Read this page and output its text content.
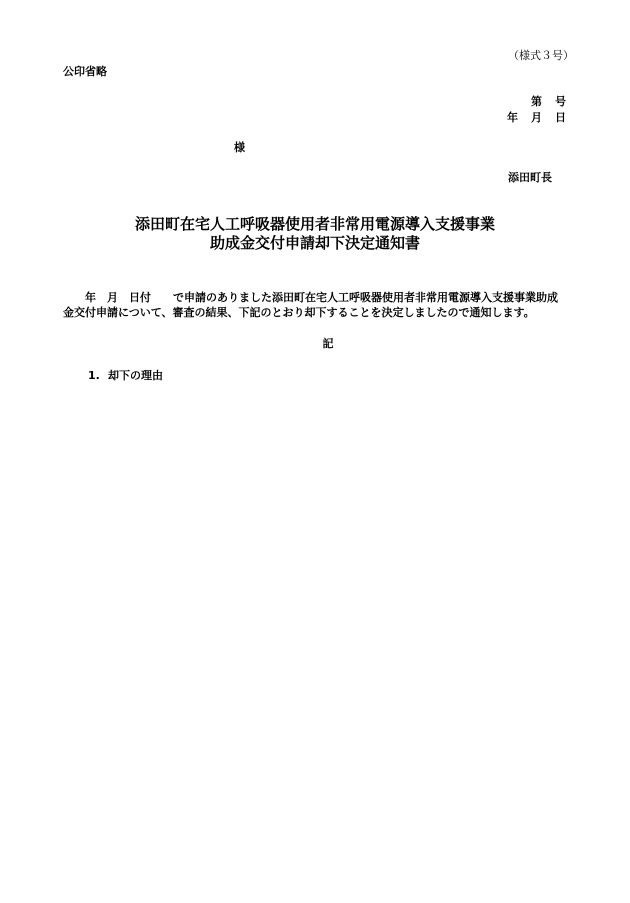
（様式３号）
公印省略
第　号
年　月　日
様
添田町長
添田町在宅人工呼吸器使用者非常用電源導入支援事業
助成金交付申請却下決定通知書
　　年　月　日付　　で申請のありました添田町在宅人工呼吸器使用者非常用電源導入支援事業助成
金交付申請について、審査の結果、下記のとおり却下することを決定しましたので通知します。
記
1. 却下の理由
